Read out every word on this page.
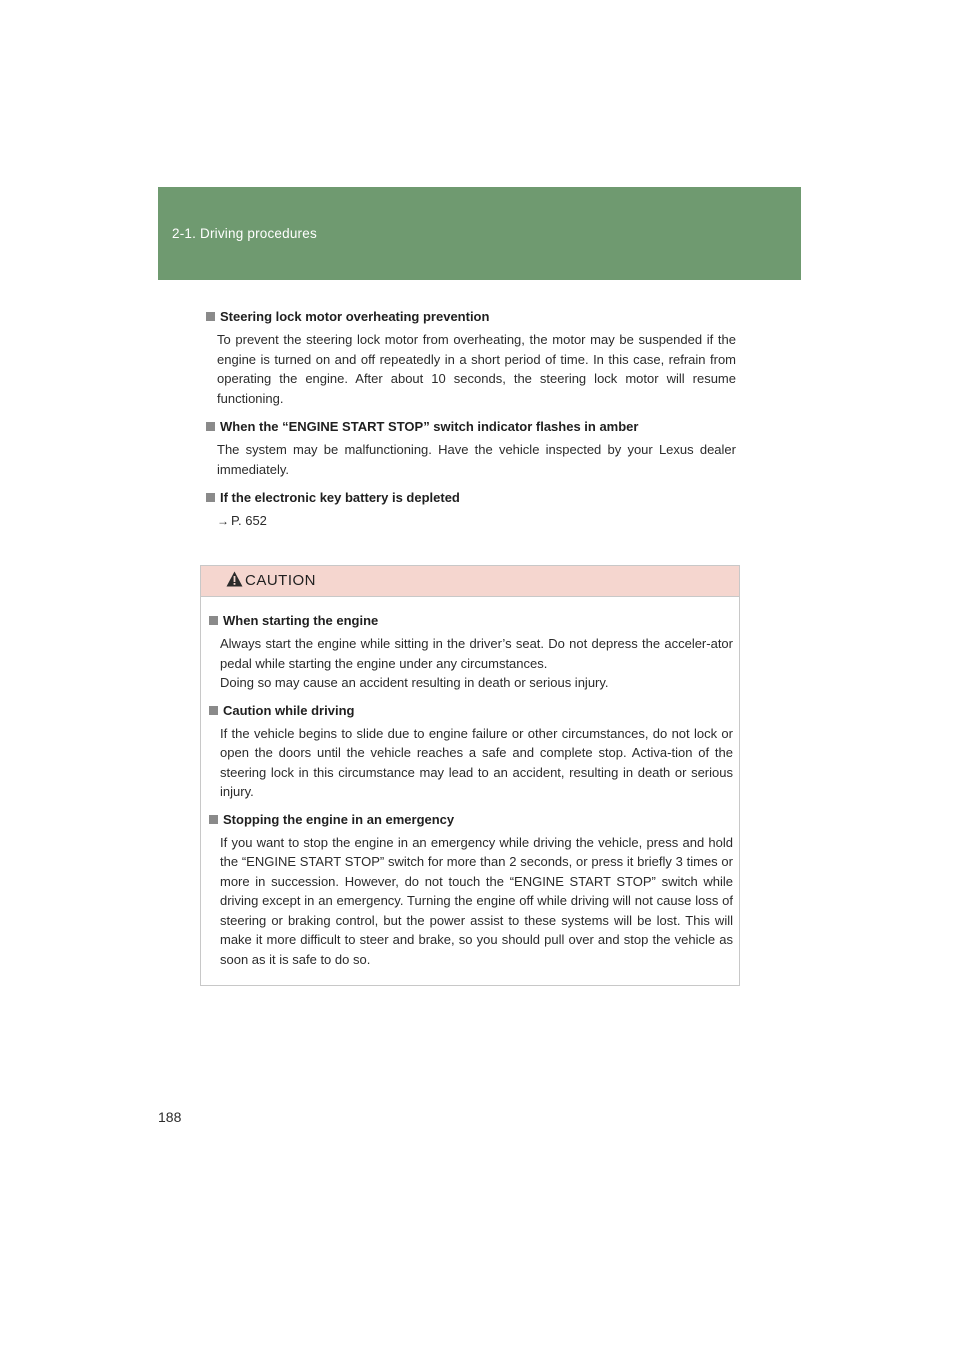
2-1. Driving procedures
Steering lock motor overheating prevention
To prevent the steering lock motor from overheating, the motor may be suspended if the engine is turned on and off repeatedly in a short period of time. In this case, refrain from operating the engine. After about 10 seconds, the steering lock motor will resume functioning.
When the “ENGINE START STOP” switch indicator flashes in amber
The system may be malfunctioning. Have the vehicle inspected by your Lexus dealer immediately.
If the electronic key battery is depleted
→ P. 652
CAUTION
When starting the engine
Always start the engine while sitting in the driver’s seat. Do not depress the acceler-ator pedal while starting the engine under any circumstances.
Doing so may cause an accident resulting in death or serious injury.
Caution while driving
If the vehicle begins to slide due to engine failure or other circumstances, do not lock or open the doors until the vehicle reaches a safe and complete stop. Activa-tion of the steering lock in this circumstance may lead to an accident, resulting in death or serious injury.
Stopping the engine in an emergency
If you want to stop the engine in an emergency while driving the vehicle, press and hold the “ENGINE START STOP” switch for more than 2 seconds, or press it briefly 3 times or more in succession. However, do not touch the “ENGINE START STOP” switch while driving except in an emergency. Turning the engine off while driving will not cause loss of steering or braking control, but the power assist to these systems will be lost. This will make it more difficult to steer and brake, so you should pull over and stop the vehicle as soon as it is safe to do so.
188
